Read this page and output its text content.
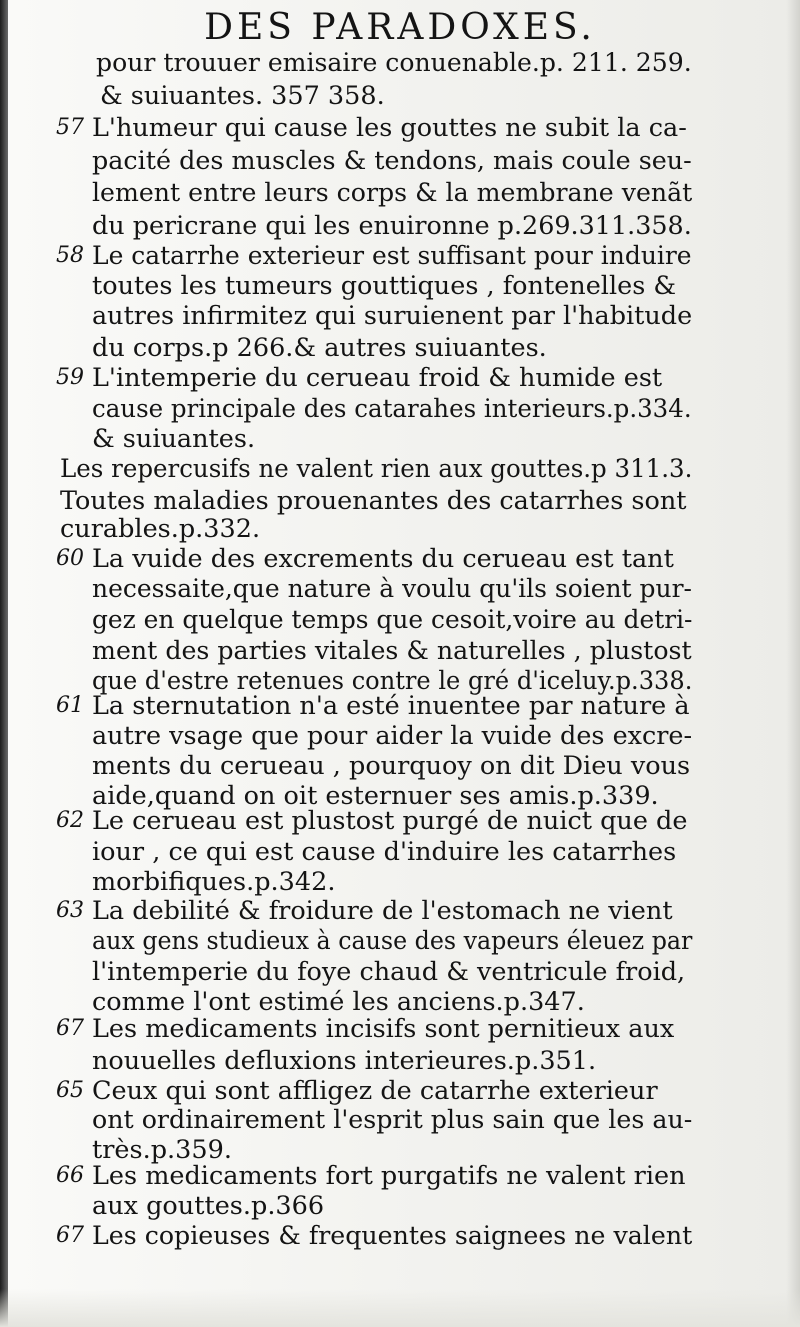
DES PARADOXES.
pour trouuer emisaire conuenable.p. 211. 259.
& suiuantes. 357 358.
L'humeur qui cause les gouttes ne subit la ca-
57
pacité des muscles & tendons, mais coule seu-
lement entre leurs corps & la membrane venãt
du pericrane qui les enuironne p.269.311.358.
Le catarrhe exterieur est suffisant pour induire
58
toutes les tumeurs gouttiques , fontenelles &
autres infirmitez qui suruienent par l'habitude
du corps.p 266.& autres suiuantes.
L'intemperie du cerueau froid & humide est
59
cause principale des catarahes interieurs.p.334.
& suiuantes.
Les repercusifs ne valent rien aux gouttes.p 311.3.
Toutes maladies prouenantes des catarrhes sont
curables.p.332.
La vuide des excrements du cerueau est tant
60
necessaite,que nature à voulu qu'ils soient pur-
gez en quelque temps que cesoit,voire au detri-
ment des parties vitales & naturelles , plustost
que d'estre retenues contre le gré d'iceluy.p.338.
La sternutation n'a esté inuentee par nature à
61
autre vsage que pour aider la vuide des excre-
ments du cerueau , pourquoy on dit Dieu vous
aide,quand on oit esternuer ses amis.p.339.
Le cerueau est plustost purgé de nuict que de
62
iour , ce qui est cause d'induire les catarrhes
morbifiques.p.342.
La debilité & froidure de l'estomach ne vient
63
aux gens studieux à cause des vapeurs éleuez par
l'intemperie du foye chaud & ventricule froid,
comme l'ont estimé les anciens.p.347.
Les medicaments incisifs sont pernitieux aux
67
nouuelles defluxions interieures.p.351.
Ceux qui sont affligez de catarrhe exterieur
65
ont ordinairement l'esprit plus sain que les au-
très.p.359.
Les medicaments fort purgatifs ne valent rien
66
aux gouttes.p.366
Les copieuses & frequentes saignees ne valent
67
